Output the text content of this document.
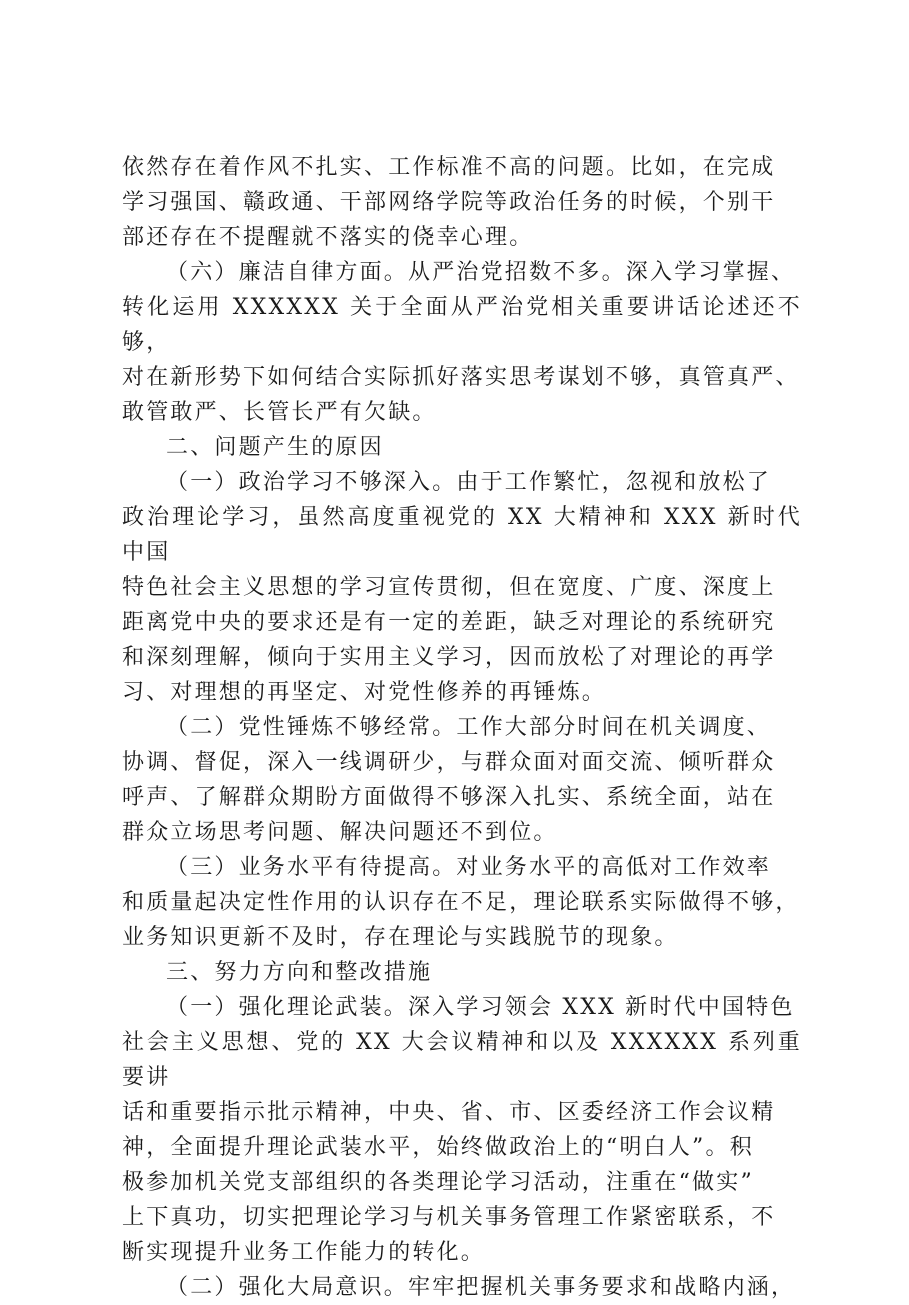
依然存在着作风不扎实、工作标准不高的问题。比如，在完成
学习强国、赣政通、干部网络学院等政治任务的时候，个别干
部还存在不提醒就不落实的侥幸心理。

（六）廉洁自律方面。从严治党招数不多。深入学习掌握、
转化运用 XXXXXX 关于全面从严治党相关重要讲话论述还不够，
对在新形势下如何结合实际抓好落实思考谋划不够，真管真严、
敢管敢严、长管长严有欠缺。

二、问题产生的原因

（一）政治学习不够深入。由于工作繁忙，忽视和放松了
政治理论学习，虽然高度重视党的 XX 大精神和 XXX 新时代中国
特色社会主义思想的学习宣传贯彻，但在宽度、广度、深度上
距离党中央的要求还是有一定的差距，缺乏对理论的系统研究
和深刻理解，倾向于实用主义学习，因而放松了对理论的再学
习、对理想的再坚定、对党性修养的再锤炼。

（二）党性锤炼不够经常。工作大部分时间在机关调度、
协调、督促，深入一线调研少，与群众面对面交流、倾听群众
呼声、了解群众期盼方面做得不够深入扎实、系统全面，站在
群众立场思考问题、解决问题还不到位。

（三）业务水平有待提高。对业务水平的高低对工作效率
和质量起决定性作用的认识存在不足，理论联系实际做得不够，
业务知识更新不及时，存在理论与实践脱节的现象。

三、努力方向和整改措施

（一）强化理论武装。深入学习领会 XXX 新时代中国特色
社会主义思想、党的 XX 大会议精神和以及 XXXXXX 系列重要讲
话和重要指示批示精神，中央、省、市、区委经济工作会议精
神，全面提升理论武装水平，始终做政治上的“明白人”。积
极参加机关党支部组织的各类理论学习活动，注重在“做实”
上下真功，切实把理论学习与机关事务管理工作紧密联系，不
断实现提升业务工作能力的转化。

（二）强化大局意识。牢牢把握机关事务要求和战略内涵，
